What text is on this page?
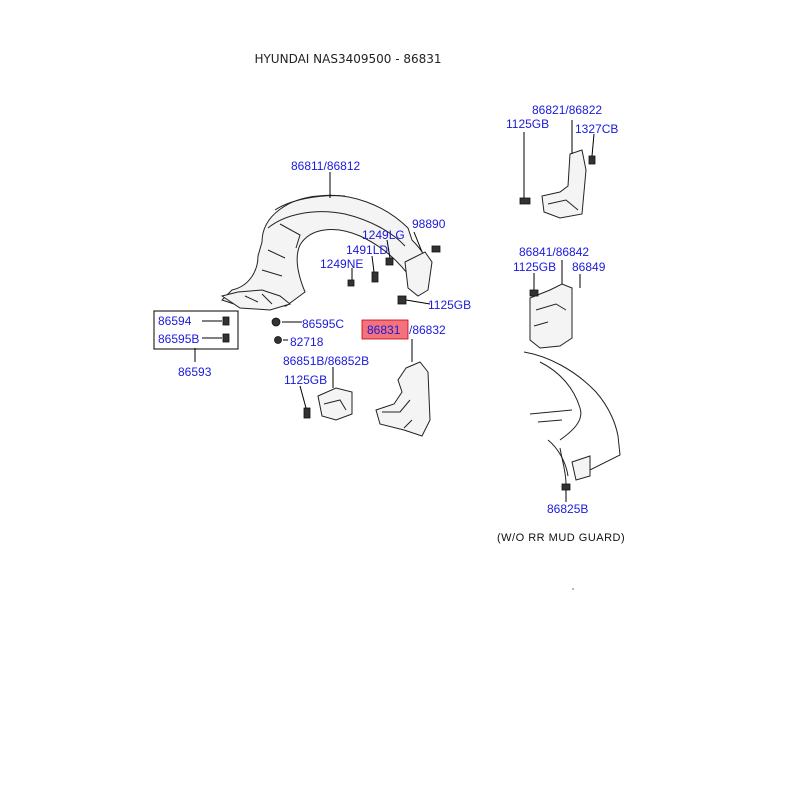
HYUNDAI NAS3409500 - 86831
86811/86812
98890
1249LG
1491LD
1249NE
1125GB
86594
86595B
86593
86595C
82718
86831 /86832
86851B/86852B
1125GB
86821/86822
1125GB 1327CB
86841/86842
1125GB 86849
86825B
(W/O RR MUD GUARD)
